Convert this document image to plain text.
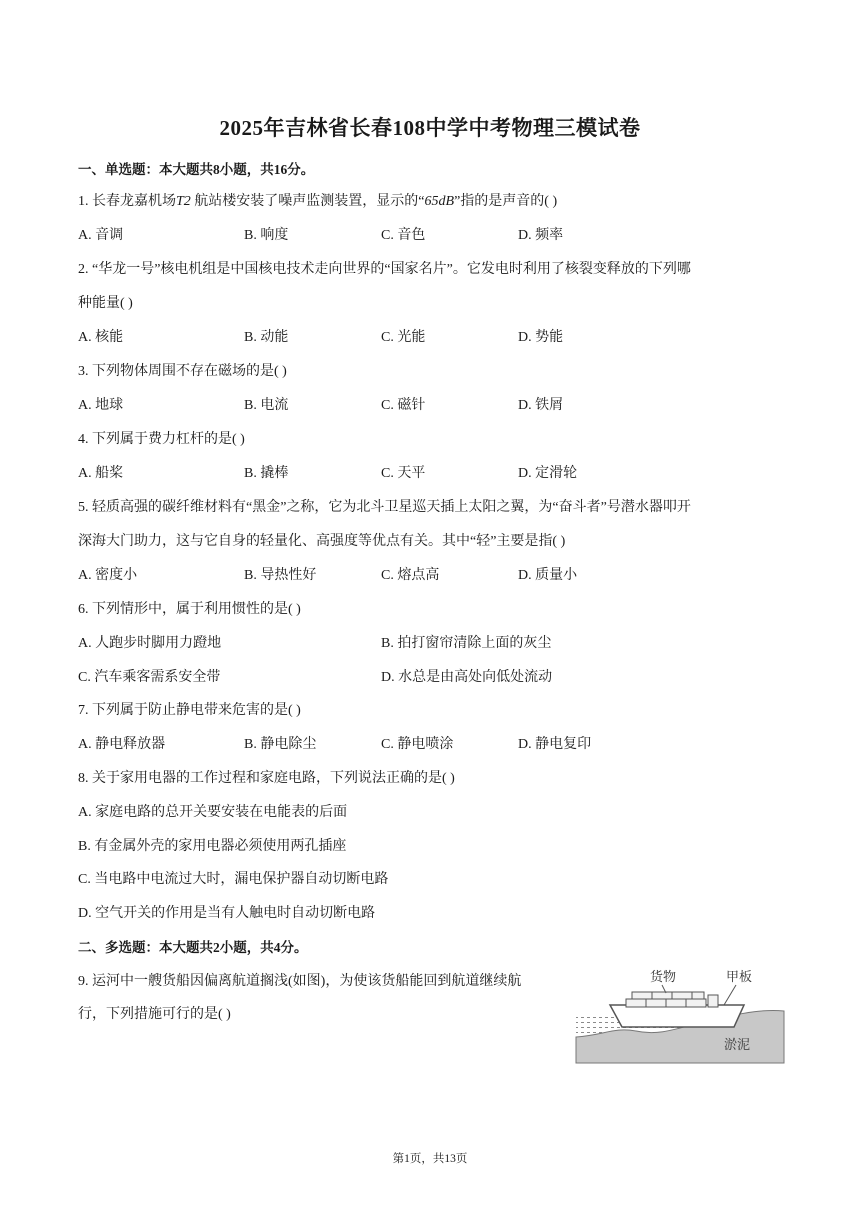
2025年吉林省长春108中学中考物理三模试卷
一、单选题：本大题共8小题，共16分。
1. 长春龙嘉机场T2 航站楼安装了噪声监测装置，显示的“65dB”指的是声音的( )
A. 音调	B. 响度	C. 音色	D. 频率
2. “华龙一号”核电机组是中国核电技术走向世界的“国家名片”。它发电时利用了核裂变释放的下列哪
种能量( )
A. 核能	B. 动能	C. 光能	D. 势能
3. 下列物体周围不存在磁场的是( )
A. 地球	B. 电流	C. 磁针	D. 铁屑
4. 下列属于费力杠杆的是( )
A. 船桨	B. 撬棒	C. 天平	D. 定滑轮
5. 轻质高强的碳纤维材料有“黑金”之称，它为北斗卫星巡天插上太阳之翼，为“奋斗者”号潜水器叩开
深海大门助力，这与它自身的轻量化、高强度等优点有关。其中“轻”主要是指( )
A. 密度小	B. 导热性好	C. 熔点高	D. 质量小
6. 下列情形中，属于利用惯性的是( )
A. 人跑步时脚用力蹬地	B. 拍打窗帘清除上面的灰尘
C. 汽车乘客需系安全带	D. 水总是由高处向低处流动
7. 下列属于防止静电带来危害的是( )
A. 静电释放器	B. 静电除尘	C. 静电喷涂	D. 静电复印
8. 关于家用电器的工作过程和家庭电路，下列说法正确的是( )
A. 家庭电路的总开关要安装在电能表的后面
B. 有金属外壳的家用电器必须使用两孔插座
C. 当电路中电流过大时，漏电保护器自动切断电路
D. 空气开关的作用是当有人触电时自动切断电路
二、多选题：本大题共2小题，共4分。
9. 运河中一艘货船因偏离航道搁浅(如图)，为使该货船能回到航道继续航
行，下列措施可行的是( )
货物	甲板
淤泥
第1页，共13页
